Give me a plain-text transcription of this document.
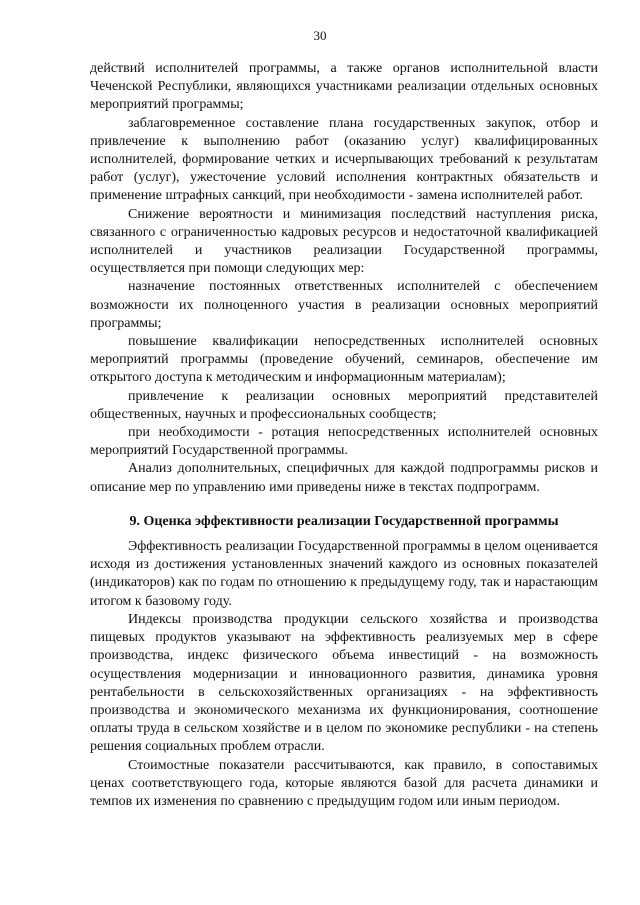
30

действий исполнителей программы, а также органов исполнительной власти Чеченской Республики, являющихся участниками реализации отдельных основных мероприятий программы;

заблаговременное составление плана государственных закупок, отбор и привлечение к выполнению работ (оказанию услуг) квалифицированных исполнителей, формирование четких и исчерпывающих требований к результатам работ (услуг), ужесточение условий исполнения контрактных обязательств и применение штрафных санкций, при необходимости - замена исполнителей работ.

Снижение вероятности и минимизация последствий наступления риска, связанного с ограниченностью кадровых ресурсов и недостаточной квалификацией исполнителей и участников реализации Государственной программы, осуществляется при помощи следующих мер:

назначение постоянных ответственных исполнителей с обеспечением возможности их полноценного участия в реализации основных мероприятий программы;

повышение квалификации непосредственных исполнителей основных мероприятий программы (проведение обучений, семинаров, обеспечение им открытого доступа к методическим и информационным материалам);

привлечение к реализации основных мероприятий представителей общественных, научных и профессиональных сообществ;

при необходимости - ротация непосредственных исполнителей основных мероприятий Государственной программы.

Анализ дополнительных, специфичных для каждой подпрограммы рисков и описание мер по управлению ими приведены ниже в текстах подпрограмм.

9. Оценка эффективности реализации Государственной программы

Эффективность реализации Государственной программы в целом оценивается исходя из достижения установленных значений каждого из основных показателей (индикаторов) как по годам по отношению к предыдущему году, так и нарастающим итогом к базовому году.

Индексы производства продукции сельского хозяйства и производства пищевых продуктов указывают на эффективность реализуемых мер в сфере производства, индекс физического объема инвестиций - на возможность осуществления модернизации и инновационного развития, динамика уровня рентабельности в сельскохозяйственных организациях - на эффективность производства и экономического механизма их функционирования, соотношение оплаты труда в сельском хозяйстве и в целом по экономике республики - на степень решения социальных проблем отрасли.

Стоимостные показатели рассчитываются, как правило, в сопоставимых ценах соответствующего года, которые являются базой для расчета динамики и темпов их изменения по сравнению с предыдущим годом или иным периодом.
